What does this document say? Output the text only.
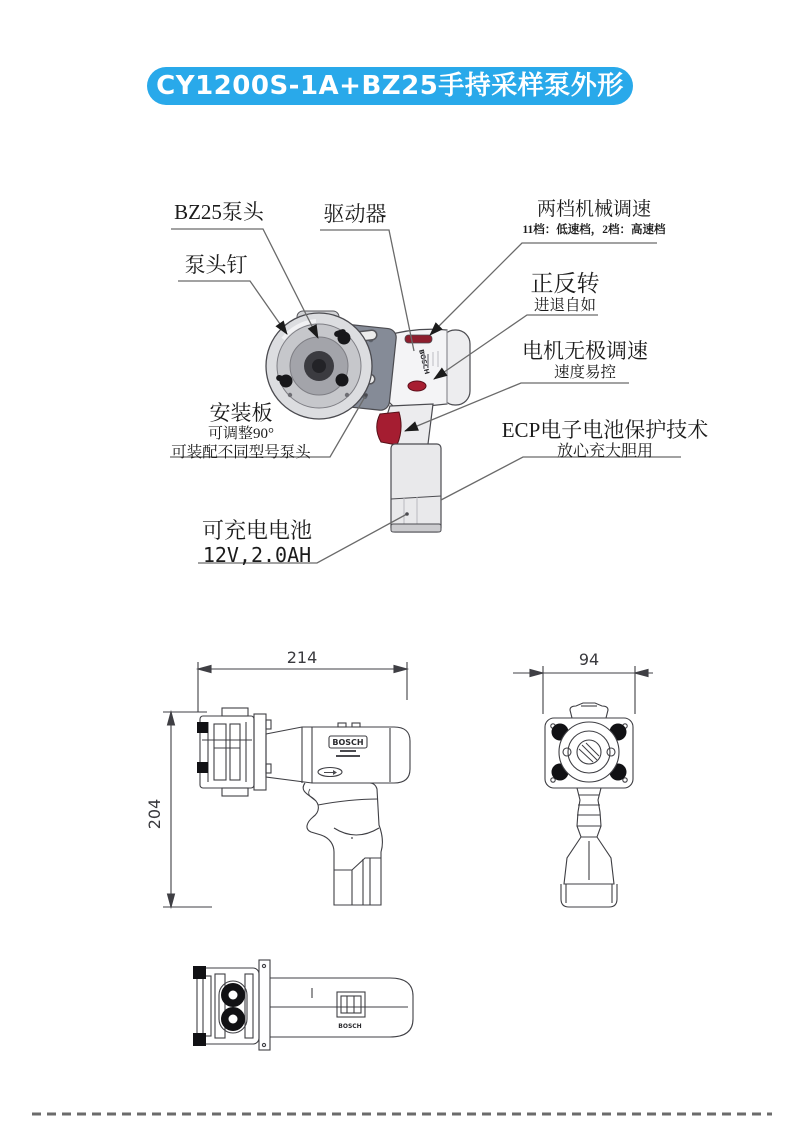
CY1200S-1A+BZ25手持采样泵外形尺寸图
BOSCH
BOSCH
BOSCH
214
204
94
BZ25泵头
泵头钉
驱动器	两档机械调速
11档：低速档，2档：高速档
正反转
进退自如
电机无极调速
速度易控
ECP电子电池保护技术
放心充大胆用
安装板
可调整90°
可装配不同型号泵头
可充电电池
12V,2.0AH
